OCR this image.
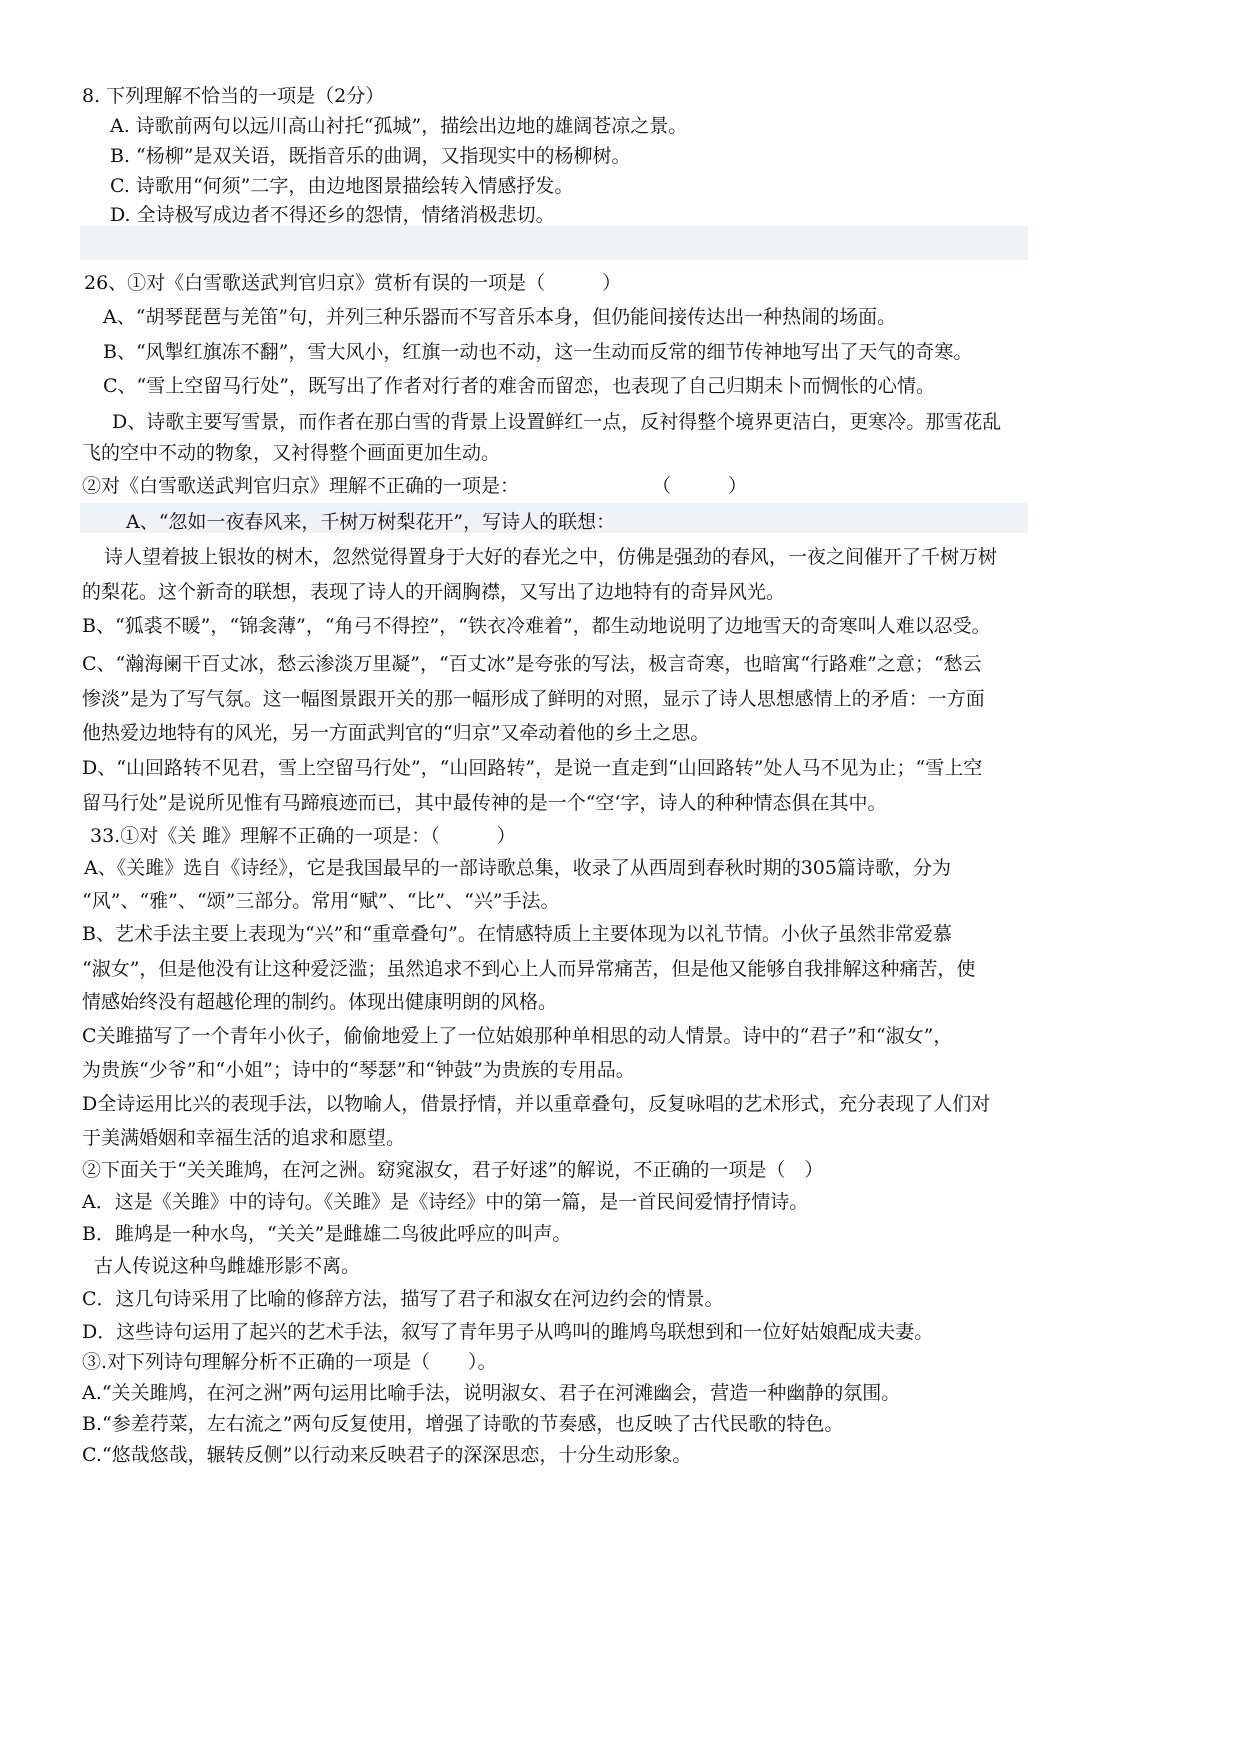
8. 下列理解不恰当的一项是（2分）
A. 诗歌前两句以远川高山衬托“孤城”，描绘出边地的雄阔苍凉之景。
B. “杨柳”是双关语，既指音乐的曲调，又指现实中的杨柳树。
C. 诗歌用“何须”二字，由边地图景描绘转入情感抒发。
D. 全诗极写成边者不得还乡的怨情，情绪消极悲切。
26、①对《白雪歌送武判官归京》赏析有误的一项是（　　　）
A、“胡琴琵琶与羌笛”句，并列三种乐器而不写音乐本身，但仍能间接传达出一种热闹的场面。
B、“风掣红旗冻不翻”，雪大风小，红旗一动也不动，这一生动而反常的细节传神地写出了天气的奇寒。
C、“雪上空留马行处”，既写出了作者对行者的难舍而留恋，也表现了自己归期未卜而惆怅的心情。
D、诗歌主要写雪景，而作者在那白雪的背景上设置鲜红一点，反衬得整个境界更洁白，更寒冷。那雪花乱
飞的空中不动的物象，又衬得整个画面更加生动。
②对《白雪歌送武判官归京》理解不正确的一项是：　　　　　　　　（　　　）
A、“忽如一夜春风来，千树万树梨花开”，写诗人的联想：
诗人望着披上银妆的树木，忽然觉得置身于大好的春光之中，仿佛是强劲的春风，一夜之间催开了千树万树
的梨花。这个新奇的联想，表现了诗人的开阔胸襟，又写出了边地特有的奇异风光。
B、“狐裘不暖”，“锦衾薄”，“角弓不得控”，“铁衣冷难着”，都生动地说明了边地雪天的奇寒叫人难以忍受。
C、“瀚海阑干百丈冰，愁云渗淡万里凝”，“百丈冰”是夸张的写法，极言奇寒，也暗寓“行路难”之意；“愁云
惨淡”是为了写气氛。这一幅图景跟开关的那一幅形成了鲜明的对照，显示了诗人思想感情上的矛盾：一方面
他热爱边地特有的风光，另一方面武判官的“归京”又牵动着他的乡土之思。
D、“山回路转不见君，雪上空留马行处”，“山回路转”，是说一直走到“山回路转”处人马不见为止；“雪上空
留马行处”是说所见惟有马蹄痕迹而已，其中最传神的是一个“空‘字，诗人的种种情态俱在其中。
33.①对《关 雎》理解不正确的一项是：（　　　）
A、《关雎》选自《诗经》，它是我国最早的一部诗歌总集，收录了从西周到春秋时期的305篇诗歌，分为
“风”、“雅”、“颂”三部分。常用“赋”、“比”、“兴”手法。
B、艺术手法主要上表现为“兴”和“重章叠句”。在情感特质上主要体现为以礼节情。小伙子虽然非常爱慕
“淑女”，但是他没有让这种爱泛滥；虽然追求不到心上人而异常痛苦，但是他又能够自我排解这种痛苦，使
情感始终没有超越伦理的制约。体现出健康明朗的风格。
C关雎描写了一个青年小伙子，偷偷地爱上了一位姑娘那种单相思的动人情景。诗中的“君子”和“淑女”，
为贵族“少爷”和“小姐”；诗中的“琴瑟”和“钟鼓”为贵族的专用品。
D全诗运用比兴的表现手法，以物喻人，借景抒情，并以重章叠句，反复咏唱的艺术形式，充分表现了人们对
于美满婚姻和幸福生活的追求和愿望。
②下面关于“关关雎鸠，在河之洲。窈窕淑女，君子好逑”的解说，不正确的一项是（　）
A．这是《关雎》中的诗句。《关雎》是《诗经》中的第一篇，是一首民间爱情抒情诗。
B．雎鸠是一种水鸟，“关关”是雌雄二鸟彼此呼应的叫声。
古人传说这种鸟雌雄形影不离。
C．这几句诗采用了比喻的修辞方法，描写了君子和淑女在河边约会的情景。
D．这些诗句运用了起兴的艺术手法，叙写了青年男子从鸣叫的雎鸠鸟联想到和一位好姑娘配成夫妻。
③.对下列诗句理解分析不正确的一项是（　　）。
A.“关关雎鸠，在河之洲”两句运用比喻手法，说明淑女、君子在河滩幽会，营造一种幽静的氛围。
B.“参差荇菜，左右流之”两句反复使用，增强了诗歌的节奏感，也反映了古代民歌的特色。
C.“悠哉悠哉，辗转反侧”以行动来反映君子的深深思恋，十分生动形象。
